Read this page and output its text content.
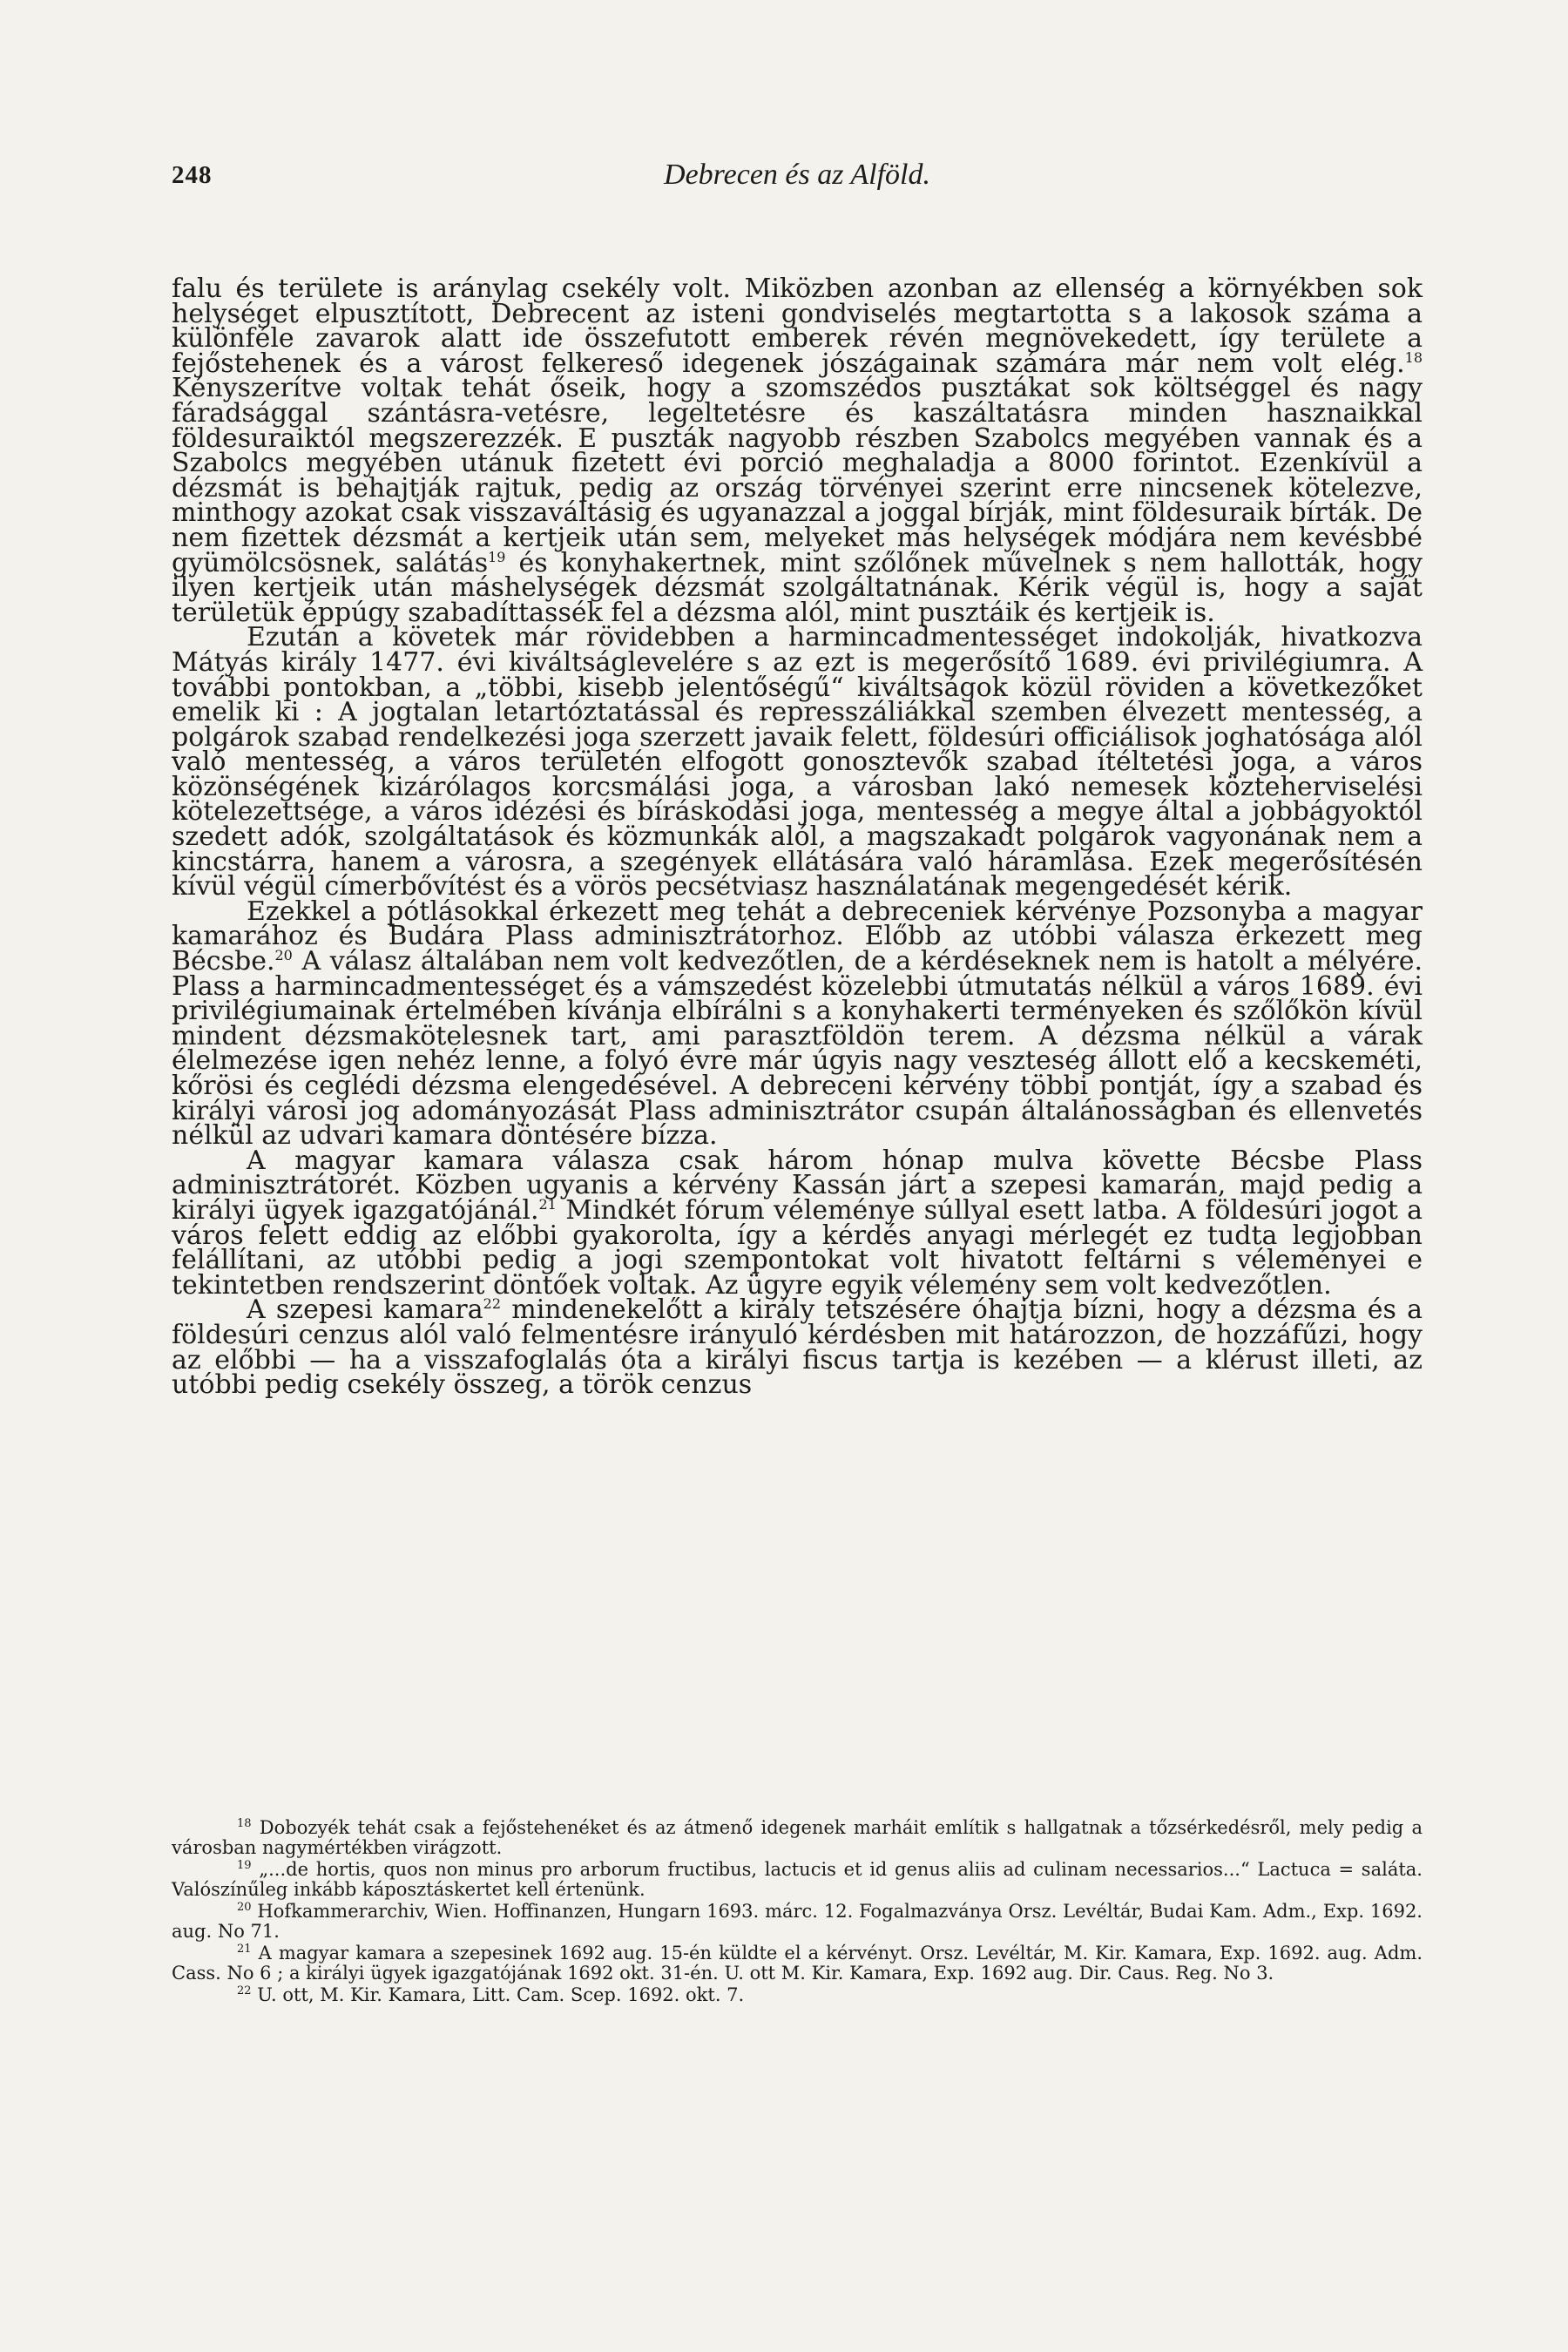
248	Debrecen és az Alföld.

falu és területe is aránylag csekély volt. Miközben azonban az ellenség a környékben sok helységet elpusztított, Debrecent az isteni gondviselés megtartotta s a lakosok száma a különféle zavarok alatt ide összefutott emberek révén megnövekedett, így területe a fejőstehenek és a várost felkereső idegenek jószágainak számára már nem volt elég.$^{18}$ Kényszerítve voltak tehát őseik, hogy a szomszédos pusztákat sok költséggel és nagy fáradsággal szántásra-vetésre, legeltetésre és kaszáltatásra minden hasznaikkal földesuraiktól megszerezzék. E puszták nagyobb részben Szabolcs megyében vannak és a Szabolcs megyében utánuk fizetett évi porció meghaladja a 8000 forintot. Ezenkívül a dézsmát is behajtják rajtuk, pedig az ország törvényei szerint erre nincsenek kötelezve, minthogy azokat csak visszaváltásig és ugyanazzal a joggal bírják, mint földesuraik bírták. De nem fizettek dézsmát a kertjeik után sem, melyeket más helységek módjára nem kevésbbé gyümölcsösnek, salátás$^{19}$ és konyhakertnek, mint szőlőnek művelnek s nem hallották, hogy ilyen kertjeik után máshelységek dézsmát szolgáltatnának. Kérik végül is, hogy a saját területük éppúgy szabadíttassék fel a dézsma alól, mint pusztáik és kertjeik is.

Ezután a követek már rövidebben a harmincadmentességet indokolják, hivatkozva Mátyás király 1477. évi kiváltságlevelére s az ezt is megerősítő 1689. évi privilégiumra. A további pontokban, a „többi, kisebb jelentőségű“ kiváltságok közül röviden a következőket emelik ki : A jogtalan letartóztatással és represszáliákkal szemben élvezett mentesség, a polgárok szabad rendelkezési joga szerzett javaik felett, földesúri officiálisok joghatósága alól való mentesség, a város területén elfogott gonosztevők szabad ítéltetési joga, a város közönségének kizárólagos korcsmálási joga, a városban lakó nemesek közteherviselési kötelezettsége, a város idézési és bíráskodási joga, mentesség a megye által a jobbágyoktól szedett adók, szolgáltatások és közmunkák alól, a magszakadt polgárok vagyonának nem a kincstárra, hanem a városra, a szegények ellátására való háramlása. Ezek megerősítésén kívül végül címerbővítést és a vörös pecsétviasz használatának megengedését kérik.

Ezekkel a pótlásokkal érkezett meg tehát a debreceniek kérvénye Pozsonyba a magyar kamarához és Budára Plass adminisztrátorhoz. Előbb az utóbbi válasza érkezett meg Bécsbe.$^{20}$ A válasz általában nem volt kedvezőtlen, de a kérdéseknek nem is hatolt a mélyére. Plass a harmincadmentességet és a vámszedést közelebbi útmutatás nélkül a város 1689. évi privilégiumainak értelmében kívánja elbírálni s a konyhakerti terményeken és szőlőkön kívül mindent dézsmakötelesnek tart, ami parasztföldön terem. A dézsma nélkül a várak élelmezése igen nehéz lenne, a folyó évre már úgyis nagy veszteség állott elő a kecskeméti, kőrösi és ceglédi dézsma elengedésével. A debreceni kérvény többi pontját, így a szabad és királyi városi jog adományozását Plass adminisztrátor csupán általánosságban és ellenvetés nélkül az udvari kamara döntésére bízza.

A magyar kamara válasza csak három hónap mulva követte Bécsbe Plass adminisztrátorét. Közben ugyanis a kérvény Kassán járt a szepesi kamarán, majd pedig a királyi ügyek igazgatójánál.$^{21}$ Mindkét fórum véleménye súllyal esett latba. A földesúri jogot a város felett eddig az előbbi gyakorolta, így a kérdés anyagi mérlegét ez tudta legjobban felállítani, az utóbbi pedig a jogi szempontokat volt hivatott feltárni s véleményei e tekintetben rendszerint döntőek voltak. Az ügyre egyik vélemény sem volt kedvezőtlen.

A szepesi kamara$^{22}$ mindenekelőtt a király tetszésére óhajtja bízni, hogy a dézsma és a földesúri cenzus alól való felmentésre irányuló kérdésben mit határozzon, de hozzáfűzi, hogy az előbbi — ha a visszafoglalás óta a királyi fiscus tartja is kezében — a klérust illeti, az utóbbi pedig csekély összeg, a török cenzus

$^{18}$ Dobozyék tehát csak a fejőstehenéket és az átmenő idegenek marháit említik s hallgatnak a tőzsérkedésről, mely pedig a városban nagymértékben virágzott.

$^{19}$ „...de hortis, quos non minus pro arborum fructibus, lactucis et id genus aliis ad culinam necessarios...“ Lactuca = saláta. Valószínűleg inkább káposztáskertet kell értenünk.

$^{20}$ Hofkammerarchiv, Wien. Hoffinanzen, Hungarn 1693. márc. 12. Fogalmazványa Orsz. Levéltár, Budai Kam. Adm., Exp. 1692. aug. No 71.

$^{21}$ A magyar kamara a szepesinek 1692 aug. 15-én küldte el a kérvényt. Orsz. Levéltár, M. Kir. Kamara, Exp. 1692. aug. Adm. Cass. No 6 ; a királyi ügyek igazgatójának 1692 okt. 31-én. U. ott M. Kir. Kamara, Exp. 1692 aug. Dir. Caus. Reg. No 3.

$^{22}$ U. ott, M. Kir. Kamara, Litt. Cam. Scep. 1692. okt. 7.
